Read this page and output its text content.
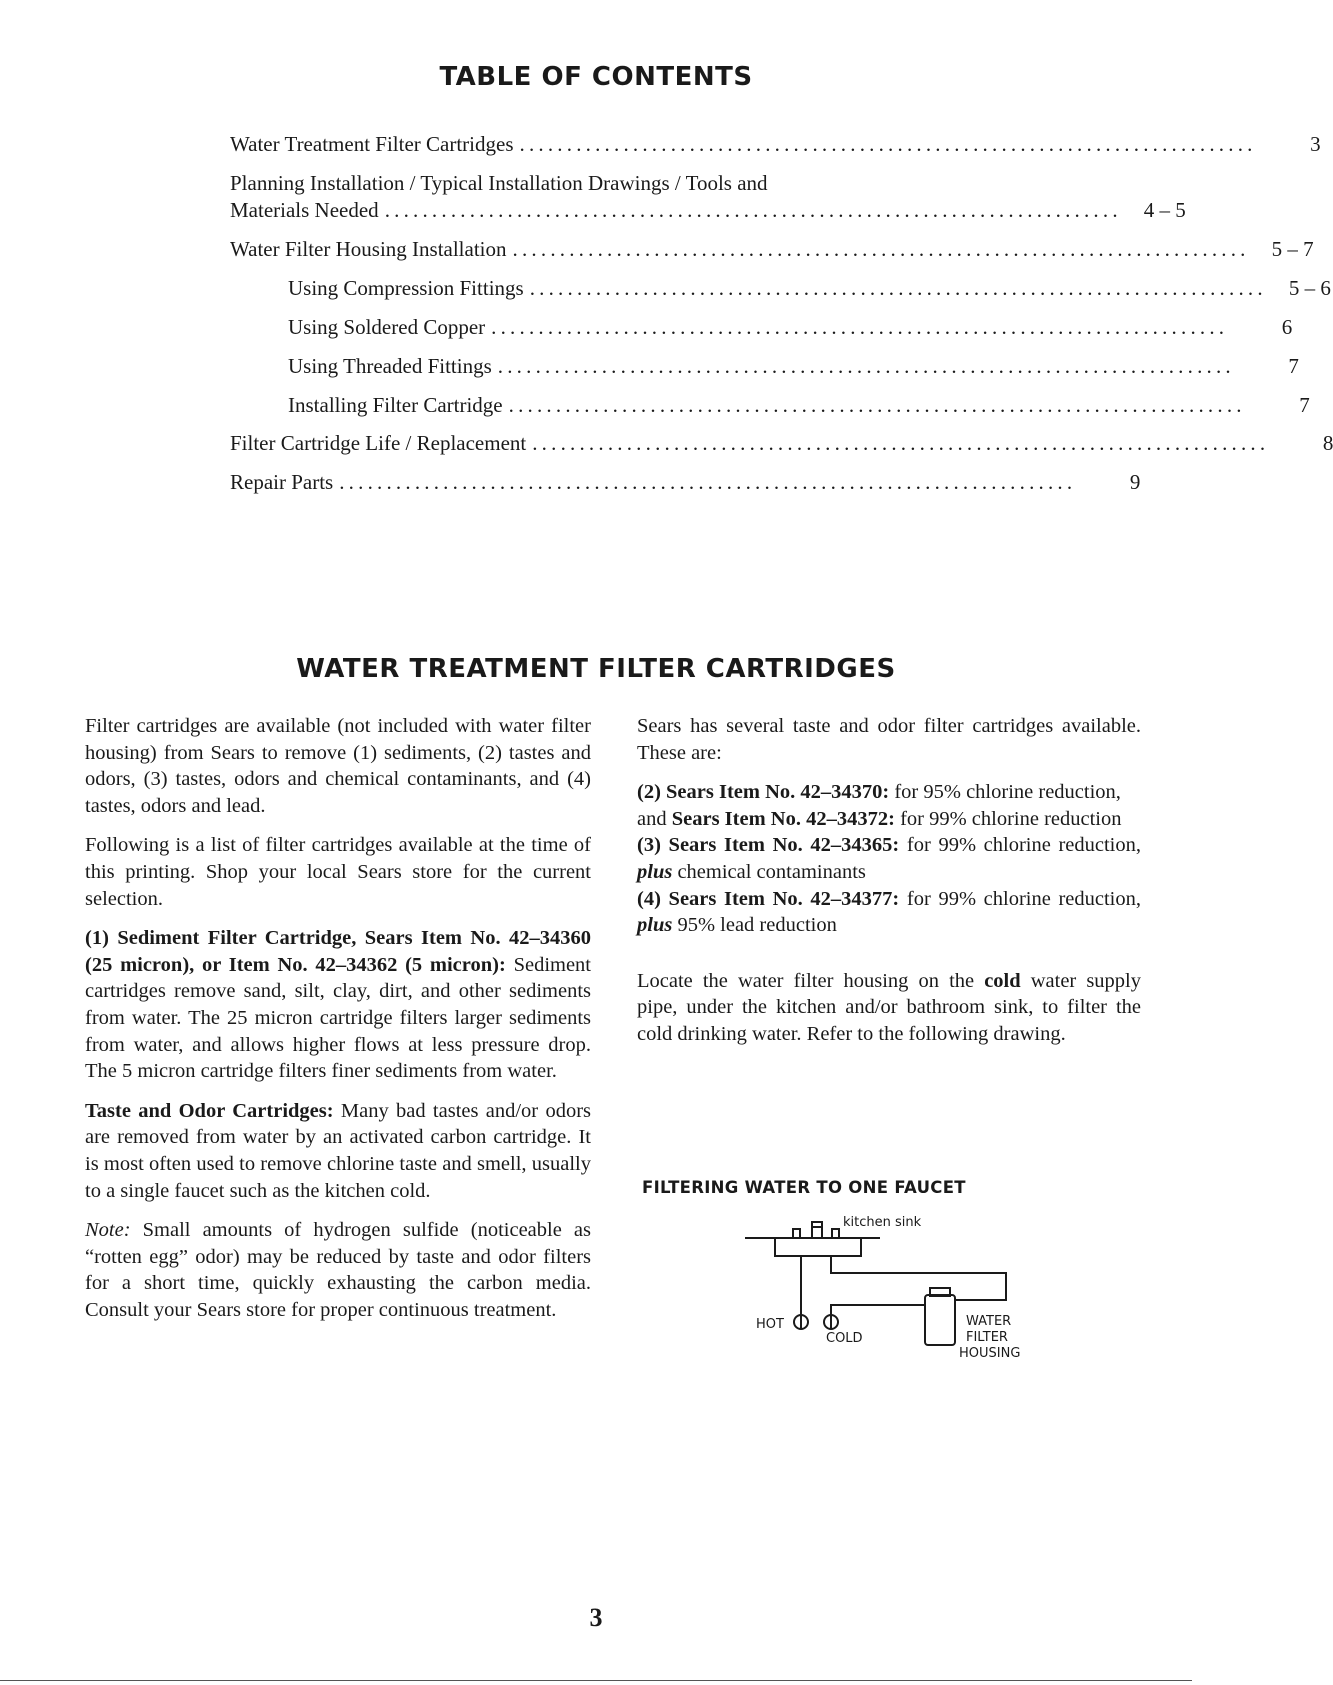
TABLE OF CONTENTS
Water Treatment Filter Cartridges ..............................................................................	3
Planning Installation / Typical Installation Drawings / Tools and
Materials Needed ..............................................................................	4 – 5
Water Filter Housing Installation ..............................................................................	5 – 7
Using Compression Fittings ..............................................................................	5 – 6
Using Soldered Copper ..............................................................................	6
Using Threaded Fittings ..............................................................................	7
Installing Filter Cartridge ..............................................................................	7
Filter Cartridge Life / Replacement ..............................................................................	8
Repair Parts ..............................................................................	9
WATER TREATMENT FILTER CARTRIDGES

Filter cartridges are available (not included with water filter housing) from Sears to remove (1) sediments, (2) tastes and odors, (3) tastes, odors and chemical contaminants, and (4) tastes, odors and lead.

Following is a list of filter cartridges available at the time of this printing. Shop your local Sears store for the current selection.

(1) Sediment Filter Cartridge, Sears Item No. 42–34360 (25 micron), or Item No. 42–34362 (5 micron): Sediment cartridges remove sand, silt, clay, dirt, and other sediments from water. The 25 micron cartridge filters larger sediments from water, and allows higher flows at less pressure drop. The 5 micron cartridge filters finer sediments from water.

Taste and Odor Cartridges: Many bad tastes and/or odors are removed from water by an activated carbon cartridge. It is most often used to remove chlorine taste and smell, usually to a single faucet such as the kitchen cold.

Note: Small amounts of hydrogen sulfide (noticeable as “rotten egg” odor) may be reduced by taste and odor filters for a short time, quickly exhausting the carbon media. Consult your Sears store for proper continuous treatment.

Sears has several taste and odor filter cartridges available. These are:

(2) Sears Item No. 42–34370: for 95% chlorine reduction,

and Sears Item No. 42–34372: for 99% chlorine reduction

(3) Sears Item No. 42–34365: for 99% chlorine reduction, plus chemical contaminants

(4) Sears Item No. 42–34377: for 99% chlorine reduction, plus 95% lead reduction

Locate the water filter housing on the cold water supply pipe, under the kitchen and/or bathroom sink, to filter the cold drinking water. Refer to the following drawing.

FILTERING WATER TO ONE FAUCET
kitchen sink
HOT
COLD
WATER
FILTER
HOUSING
3
